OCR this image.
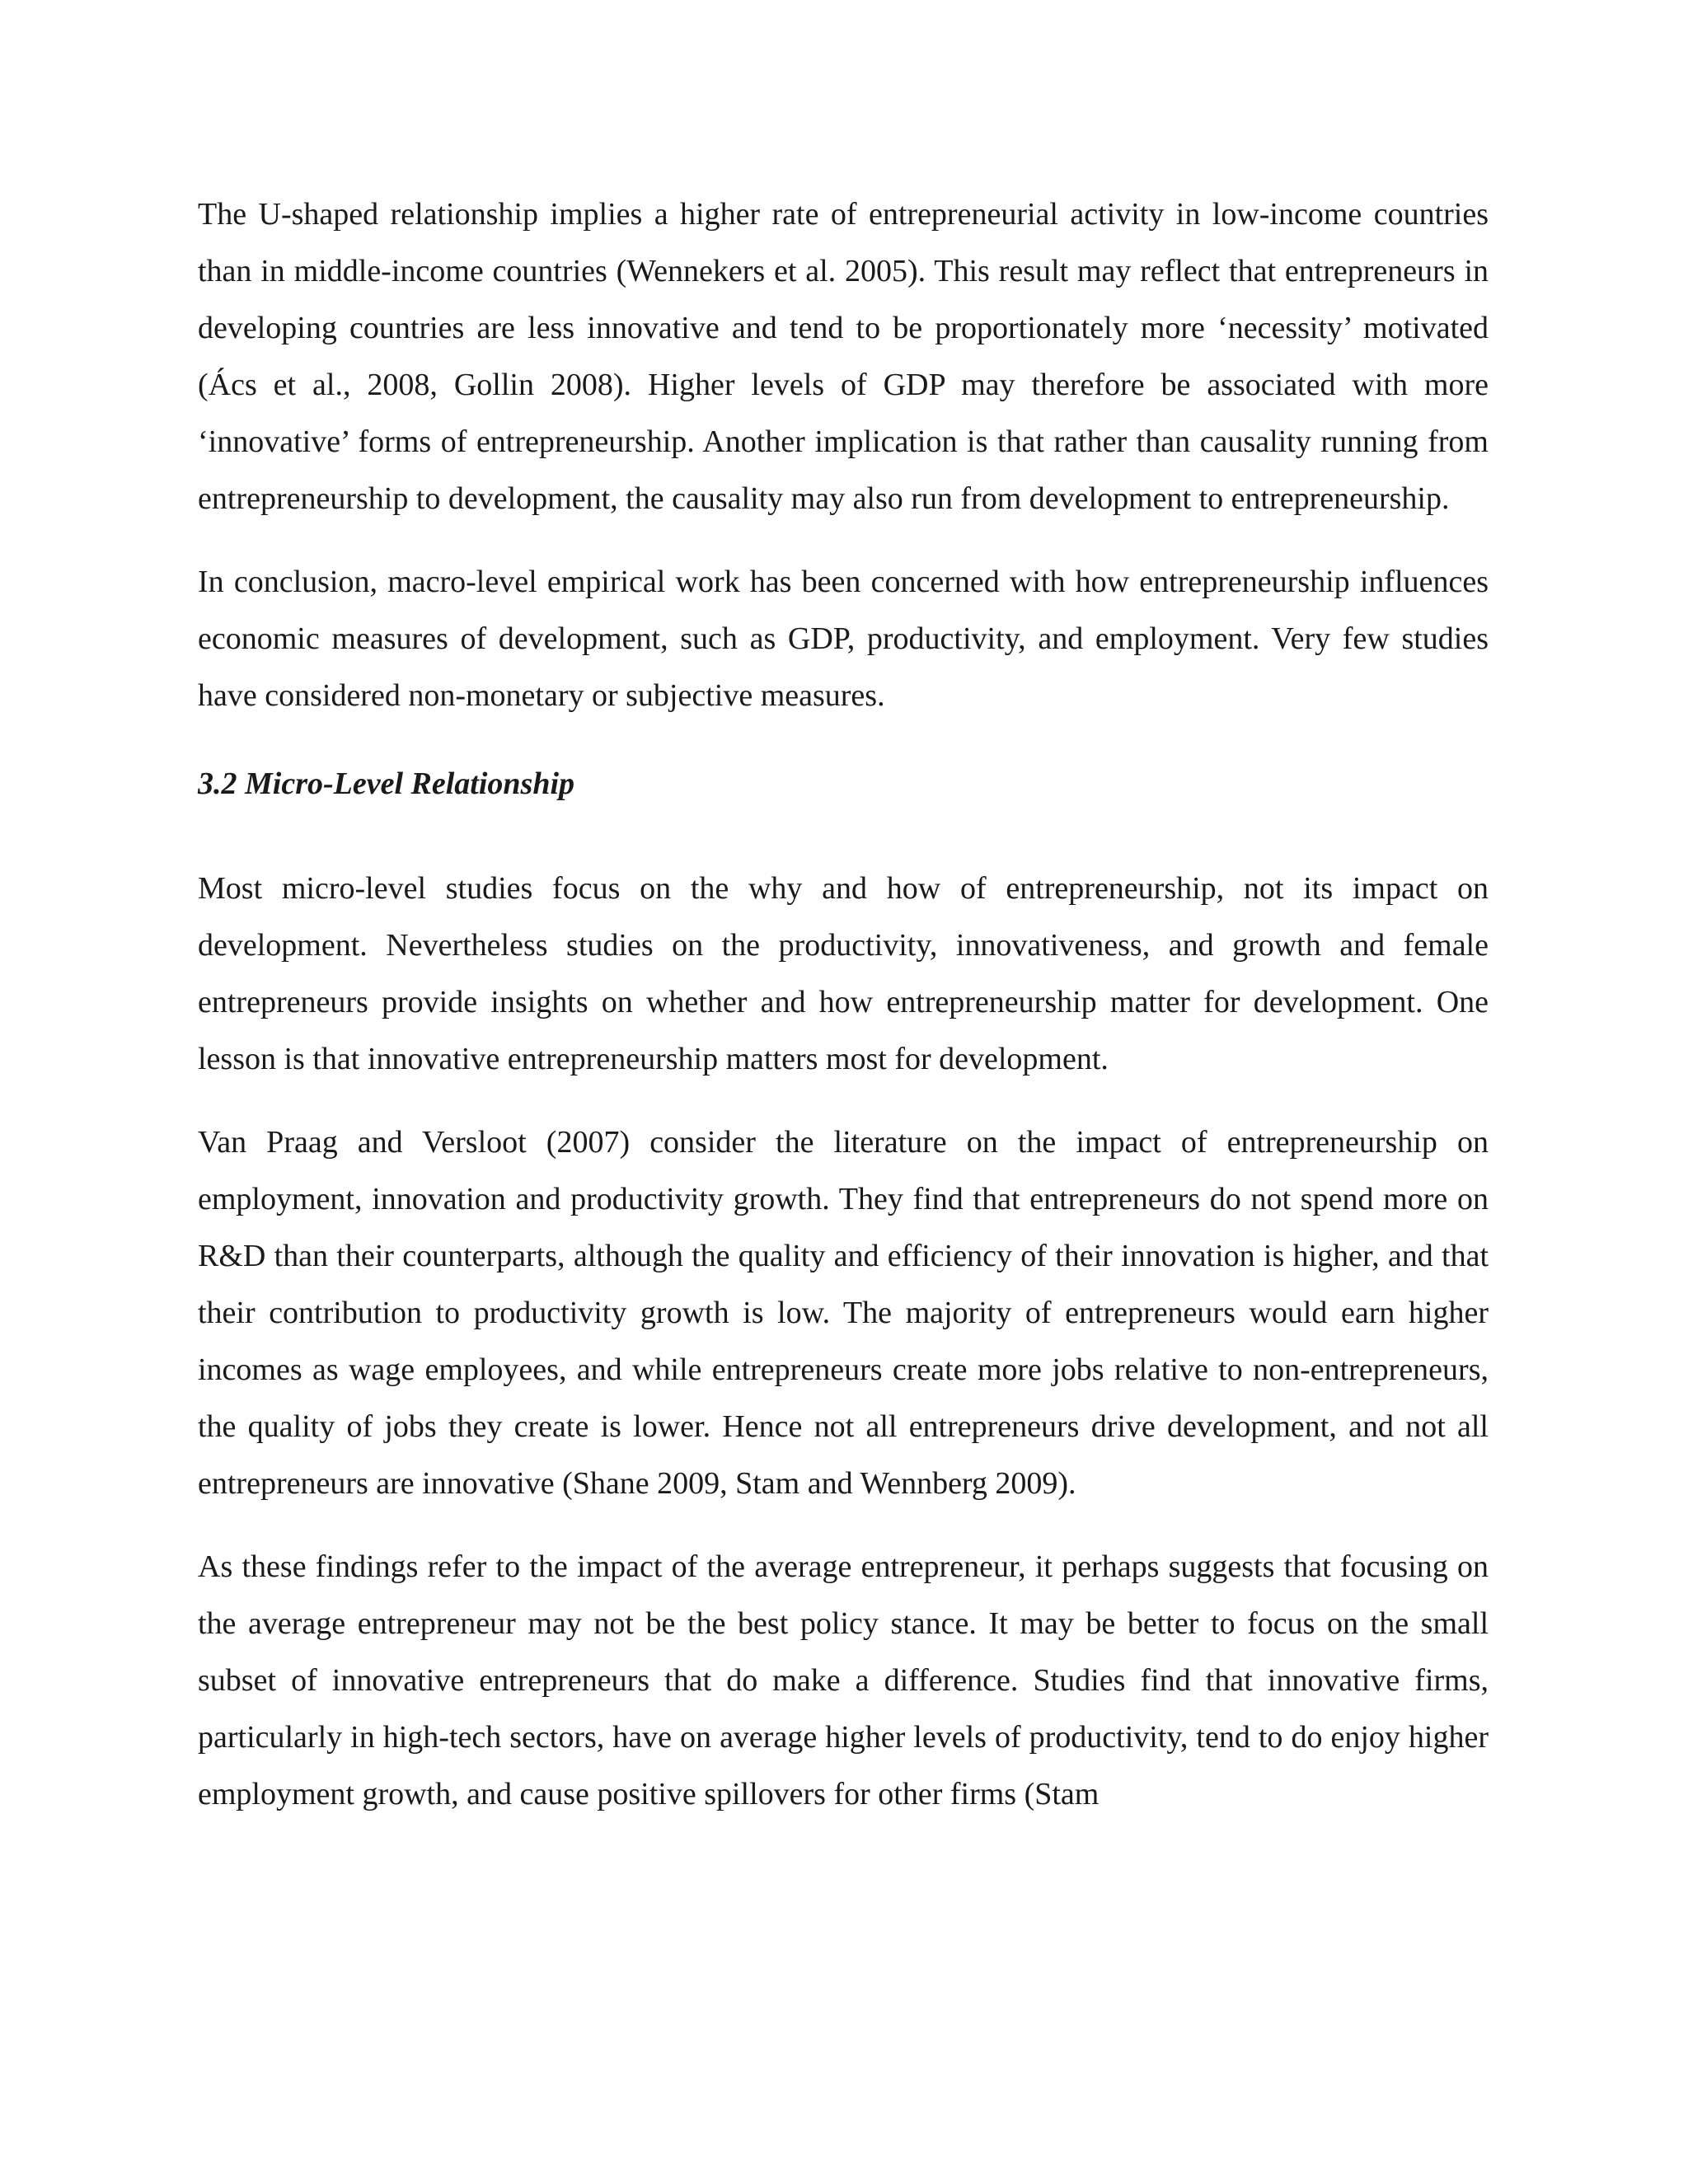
The U-shaped relationship implies a higher rate of entrepreneurial activity in low-income countries than in middle-income countries (Wennekers et al. 2005). This result may reflect that entrepreneurs in developing countries are less innovative and tend to be proportionately more ‘necessity’ motivated (Ács et al., 2008, Gollin 2008). Higher levels of GDP may therefore be associated with more ‘innovative’ forms of entrepreneurship. Another implication is that rather than causality running from entrepreneurship to development, the causality may also run from development to entrepreneurship.

In conclusion, macro-level empirical work has been concerned with how entrepreneurship influences economic measures of development, such as GDP, productivity, and employment. Very few studies have considered non-monetary or subjective measures.

3.2 Micro-Level Relationship

Most micro-level studies focus on the why and how of entrepreneurship, not its impact on development. Nevertheless studies on the productivity, innovativeness, and growth and female entrepreneurs provide insights on whether and how entrepreneurship matter for development. One lesson is that innovative entrepreneurship matters most for development.

Van Praag and Versloot (2007) consider the literature on the impact of entrepreneurship on employment, innovation and productivity growth. They find that entrepreneurs do not spend more on R&D than their counterparts, although the quality and efficiency of their innovation is higher, and that their contribution to productivity growth is low. The majority of entrepreneurs would earn higher incomes as wage employees, and while entrepreneurs create more jobs relative to non-entrepreneurs, the quality of jobs they create is lower. Hence not all entrepreneurs drive development, and not all entrepreneurs are innovative (Shane 2009, Stam and Wennberg 2009).

As these findings refer to the impact of the average entrepreneur, it perhaps suggests that focusing on the average entrepreneur may not be the best policy stance. It may be better to focus on the small subset of innovative entrepreneurs that do make a difference. Studies find that innovative firms, particularly in high-tech sectors, have on average higher levels of productivity, tend to do enjoy higher employment growth, and cause positive spillovers for other firms (Stam
